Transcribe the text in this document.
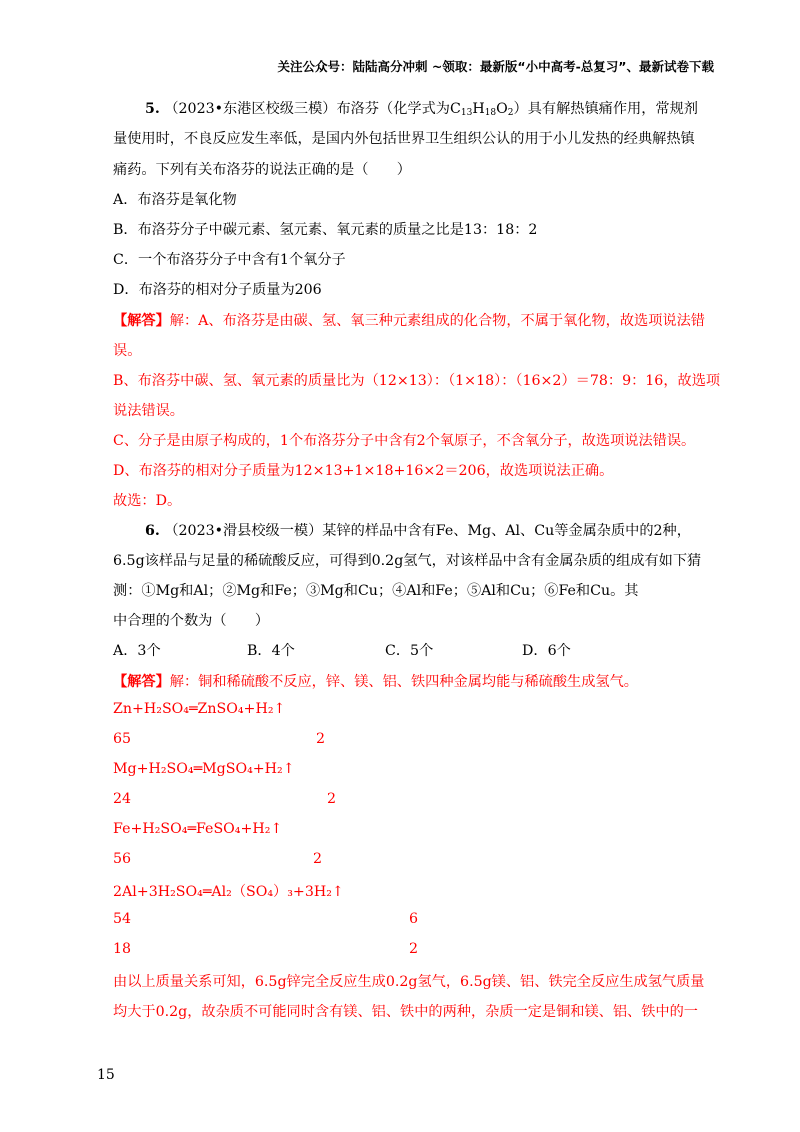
关注公众号：陆陆高分冲刺 ~领取：最新版“小中高考-总复习”、最新试卷下载
5. （2023•东港区校级三模）布洛芬（化学式为$C_{13}H_{18}O_2$）具有解热镇痛作用，常规剂
量使用时，不良反应发生率低，是国内外包括世界卫生组织公认的用于小儿发热的经典解热镇
痛药。下列有关布洛芬的说法正确的是（　　）
A．布洛芬是氧化物
B．布洛芬分子中碳元素、氢元素、氧元素的质量之比是13：18：2
C．一个布洛芬分子中含有1个氧分子
D．布洛芬的相对分子质量为206
【解答】解：A、布洛芬是由碳、氢、氧三种元素组成的化合物，不属于氧化物，故选项说法错
误。
B、布洛芬中碳、氢、氧元素的质量比为（12×13）：（1×18）：（16×2）＝78：9：16，故选项
说法错误。
C、分子是由原子构成的，1个布洛芬分子中含有2个氧原子，不含氧分子，故选项说法错误。
D、布洛芬的相对分子质量为12×13+1×18+16×2＝206，故选项说法正确。
故选：D。
6. （2023•滑县校级一模）某锌的样品中含有Fe、Mg、Al、Cu等金属杂质中的2种，
6.5g该样品与足量的稀硫酸反应，可得到0.2g氢气，对该样品中含有金属杂质的组成有如下猜
测：①Mg和Al；②Mg和Fe；③Mg和Cu；④Al和Fe；⑤Al和Cu；⑥Fe和Cu。其
中合理的个数为（　　）
A．3个	B．4个	C．5个	D．6个
【解答】解：铜和稀硫酸不反应，锌、镁、铝、铁四种金属均能与稀硫酸生成氢气。
Zn+H₂SO₄═ZnSO₄+H₂↑
65	2
Mg+H₂SO₄═MgSO₄+H₂↑
24	2
Fe+H₂SO₄═FeSO₄+H₂↑
56	2
2Al+3H₂SO₄═Al₂（SO₄）₃+3H₂↑
54	6
18	2
由以上质量关系可知，6.5g锌完全反应生成0.2g氢气，6.5g镁、铝、铁完全反应生成氢气质量
均大于0.2g，故杂质不可能同时含有镁、铝、铁中的两种，杂质一定是铜和镁、铝、铁中的一
15
